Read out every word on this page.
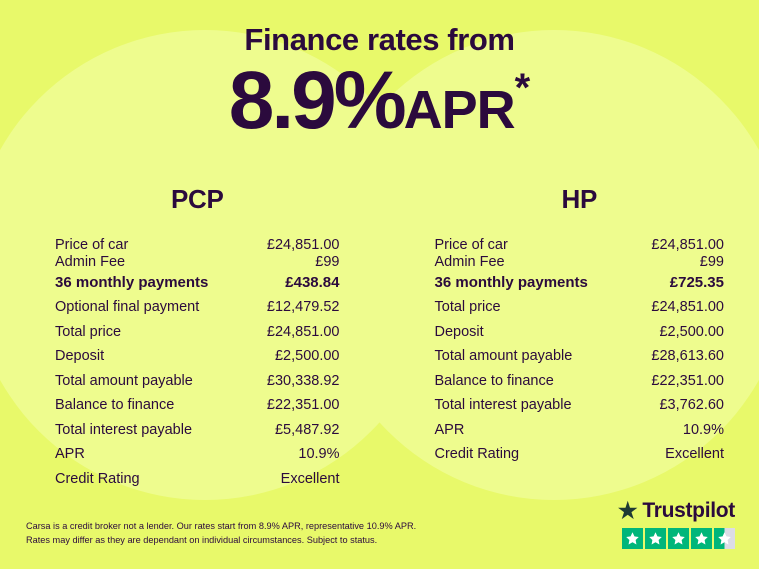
Finance rates from
8.9%APR*
PCP
Price of car	£24,851.00
Admin Fee	£99
36 monthly payments	£438.84
Optional final payment	£12,479.52
Total price	£24,851.00
Deposit	£2,500.00
Total amount payable	£30,338.92
Balance to finance	£22,351.00
Total interest payable	£5,487.92
APR	10.9%
Credit Rating	Excellent
HP
Price of car	£24,851.00
Admin Fee	£99
36 monthly payments	£725.35
Total price	£24,851.00
Deposit	£2,500.00
Total amount payable	£28,613.60
Balance to finance	£22,351.00
Total interest payable	£3,762.60
APR	10.9%
Credit Rating	Excellent
Carsa is a credit broker not a lender. Our rates start from 8.9% APR, representative 10.9% APR.
Rates may differ as they are dependant on individual circumstances. Subject to status.
★ Trustpilot
